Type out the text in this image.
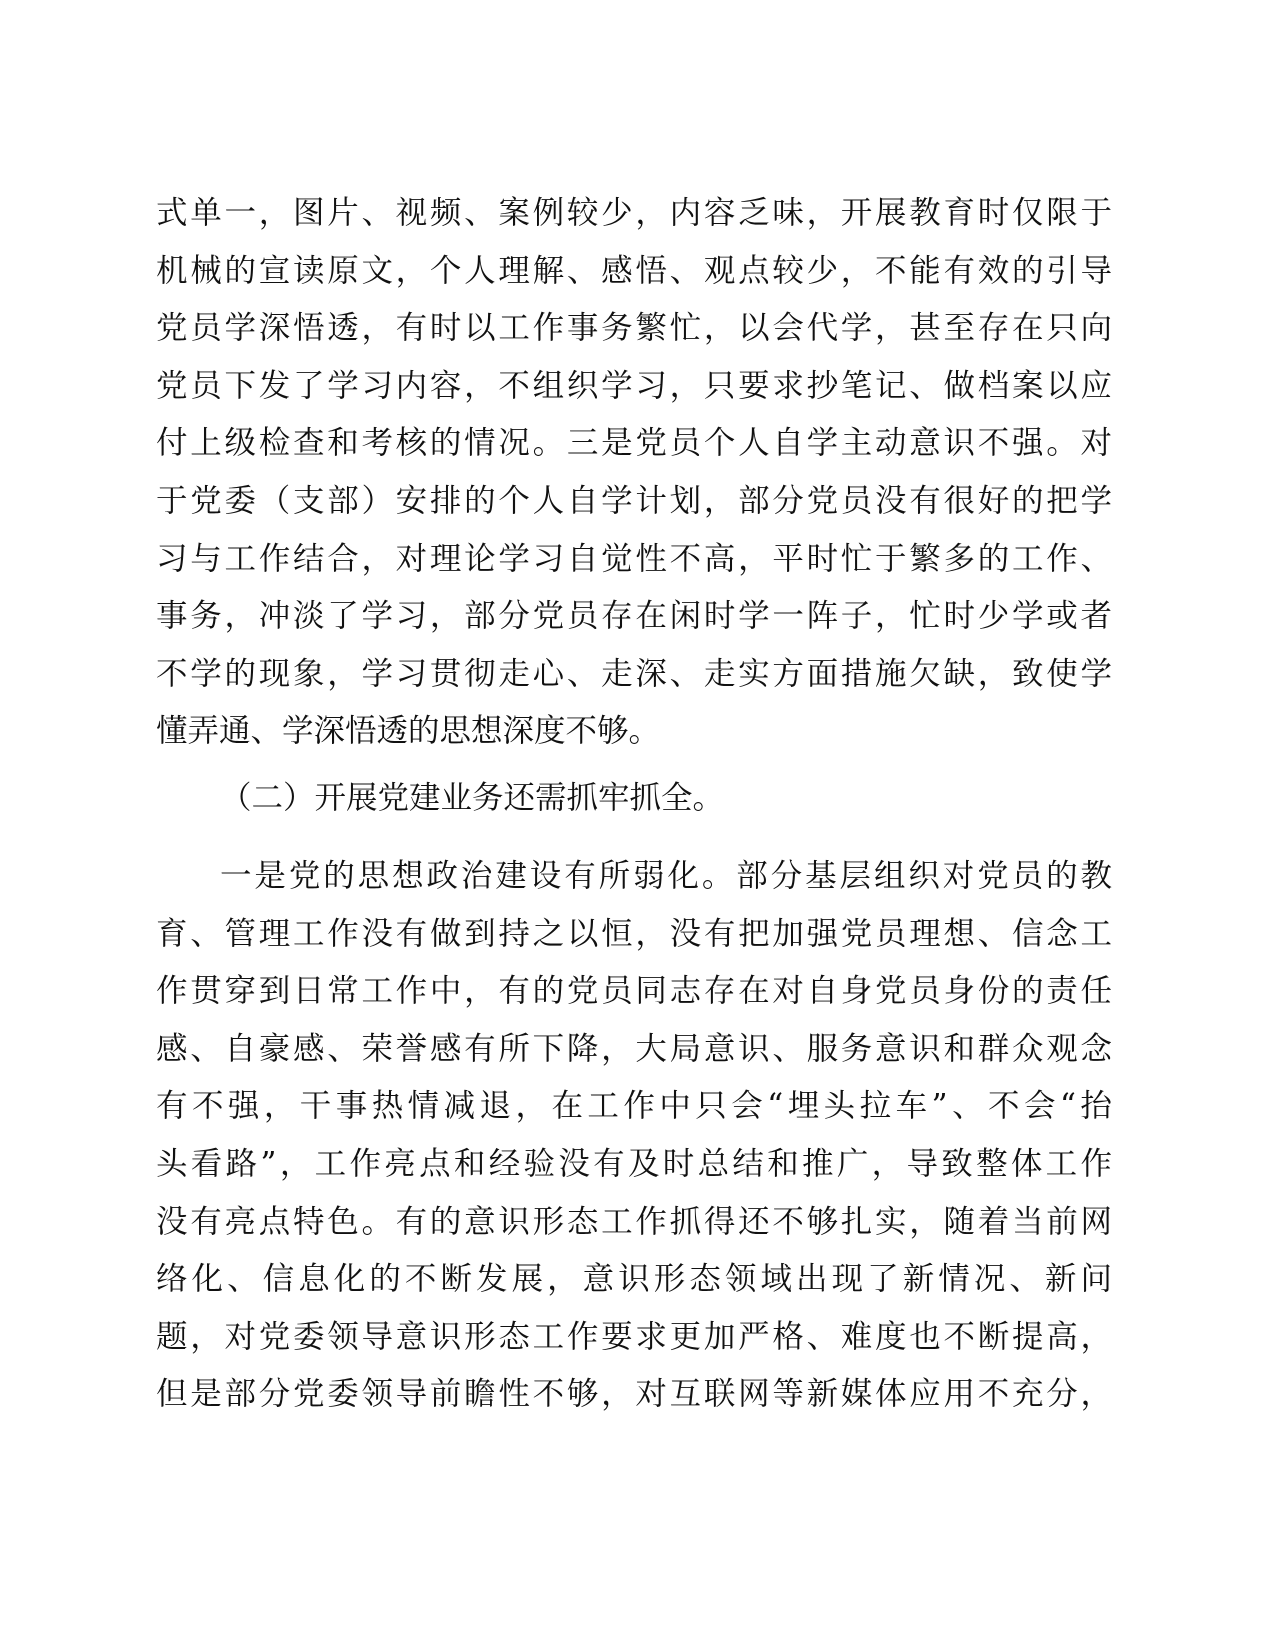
式单一，图片、视频、案例较少，内容乏味，开展教育时仅限于
机械的宣读原文，个人理解、感悟、观点较少，不能有效的引导
党员学深悟透，有时以工作事务繁忙，以会代学，甚至存在只向
党员下发了学习内容，不组织学习，只要求抄笔记、做档案以应
付上级检查和考核的情况。三是党员个人自学主动意识不强。对
于党委（支部）安排的个人自学计划，部分党员没有很好的把学
习与工作结合，对理论学习自觉性不高，平时忙于繁多的工作、
事务，冲淡了学习，部分党员存在闲时学一阵子，忙时少学或者
不学的现象，学习贯彻走心、走深、走实方面措施欠缺，致使学
懂弄通、学深悟透的思想深度不够。
（二）开展党建业务还需抓牢抓全。
一是党的思想政治建设有所弱化。部分基层组织对党员的教
育、管理工作没有做到持之以恒，没有把加强党员理想、信念工
作贯穿到日常工作中，有的党员同志存在对自身党员身份的责任
感、自豪感、荣誉感有所下降，大局意识、服务意识和群众观念
有不强，干事热情减退，在工作中只会“埋头拉车”、不会“抬
头看路”，工作亮点和经验没有及时总结和推广，导致整体工作
没有亮点特色。有的意识形态工作抓得还不够扎实，随着当前网
络化、信息化的不断发展，意识形态领域出现了新情况、新问
题，对党委领导意识形态工作要求更加严格、难度也不断提高，
但是部分党委领导前瞻性不够，对互联网等新媒体应用不充分，
